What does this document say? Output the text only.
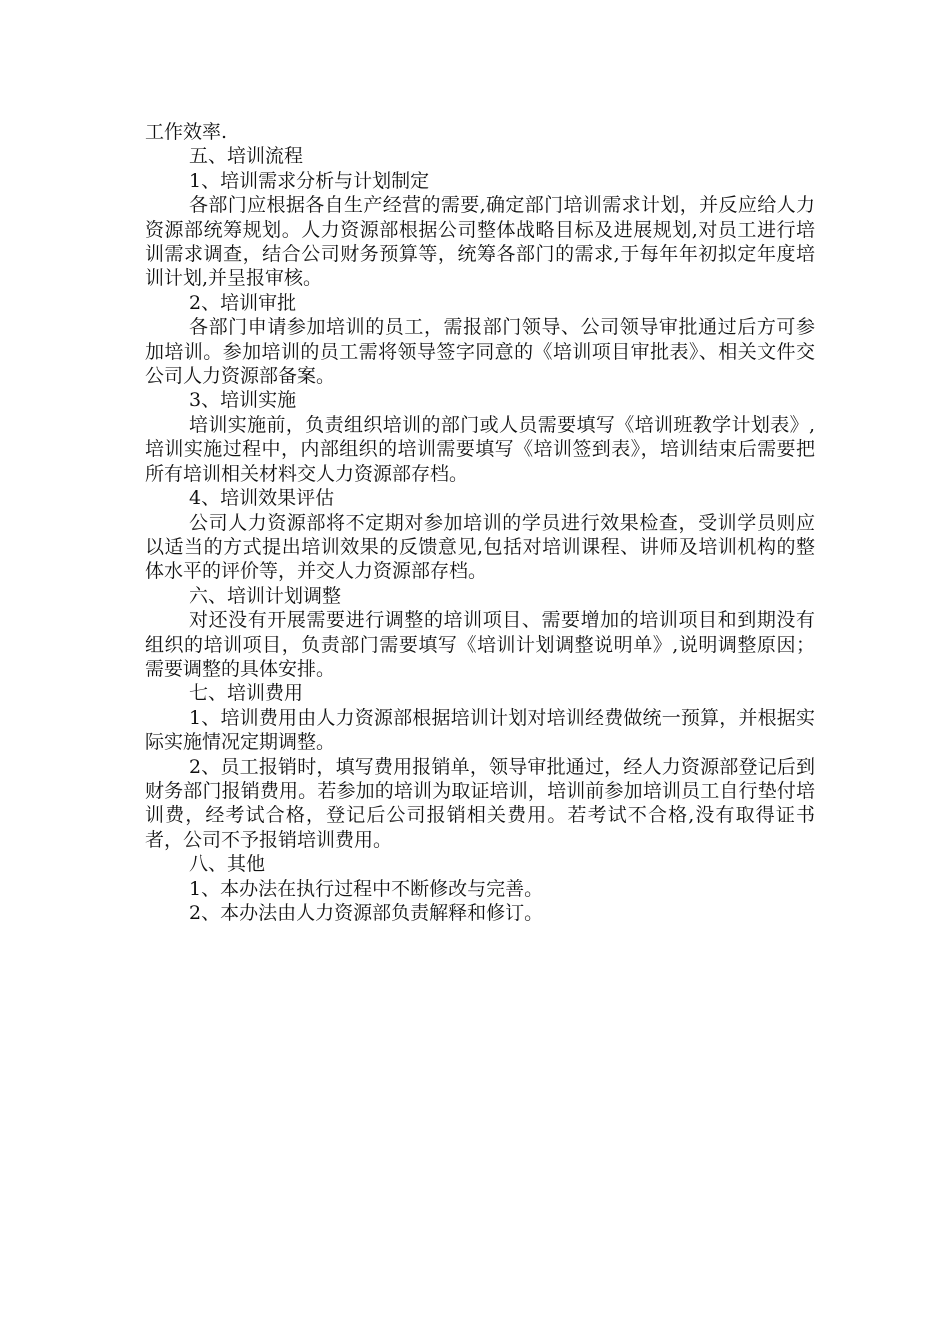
工作效率.

五、培训流程

1、培训需求分析与计划制定

各部门应根据各自生产经营的需要,确定部门培训需求计划，并反应给人力资源部统筹规划。人力资源部根据公司整体战略目标及进展规划,对员工进行培训需求调查，结合公司财务预算等，统筹各部门的需求,于每年年初拟定年度培训计划,并呈报审核。

2、培训审批

各部门申请参加培训的员工，需报部门领导、公司领导审批通过后方可参加培训。参加培训的员工需将领导签字同意的《培训项目审批表》、相关文件交公司人力资源部备案。

3、培训实施

培训实施前，负责组织培训的部门或人员需要填写《培训班教学计划表》,培训实施过程中，内部组织的培训需要填写《培训签到表》，培训结束后需要把所有培训相关材料交人力资源部存档。

4、培训效果评估

公司人力资源部将不定期对参加培训的学员进行效果检查，受训学员则应以适当的方式提出培训效果的反馈意见,包括对培训课程、讲师及培训机构的整体水平的评价等，并交人力资源部存档。

六、培训计划调整

对还没有开展需要进行调整的培训项目、需要增加的培训项目和到期没有组织的培训项目，负责部门需要填写《培训计划调整说明单》,说明调整原因；需要调整的具体安排。

七、培训费用

1、培训费用由人力资源部根据培训计划对培训经费做统一预算，并根据实际实施情况定期调整。

2、员工报销时，填写费用报销单，领导审批通过，经人力资源部登记后到财务部门报销费用。若参加的培训为取证培训，培训前参加培训员工自行垫付培训费，经考试合格，登记后公司报销相关费用。若考试不合格,没有取得证书者，公司不予报销培训费用。

八、其他

1、本办法在执行过程中不断修改与完善。

2、本办法由人力资源部负责解释和修订。
